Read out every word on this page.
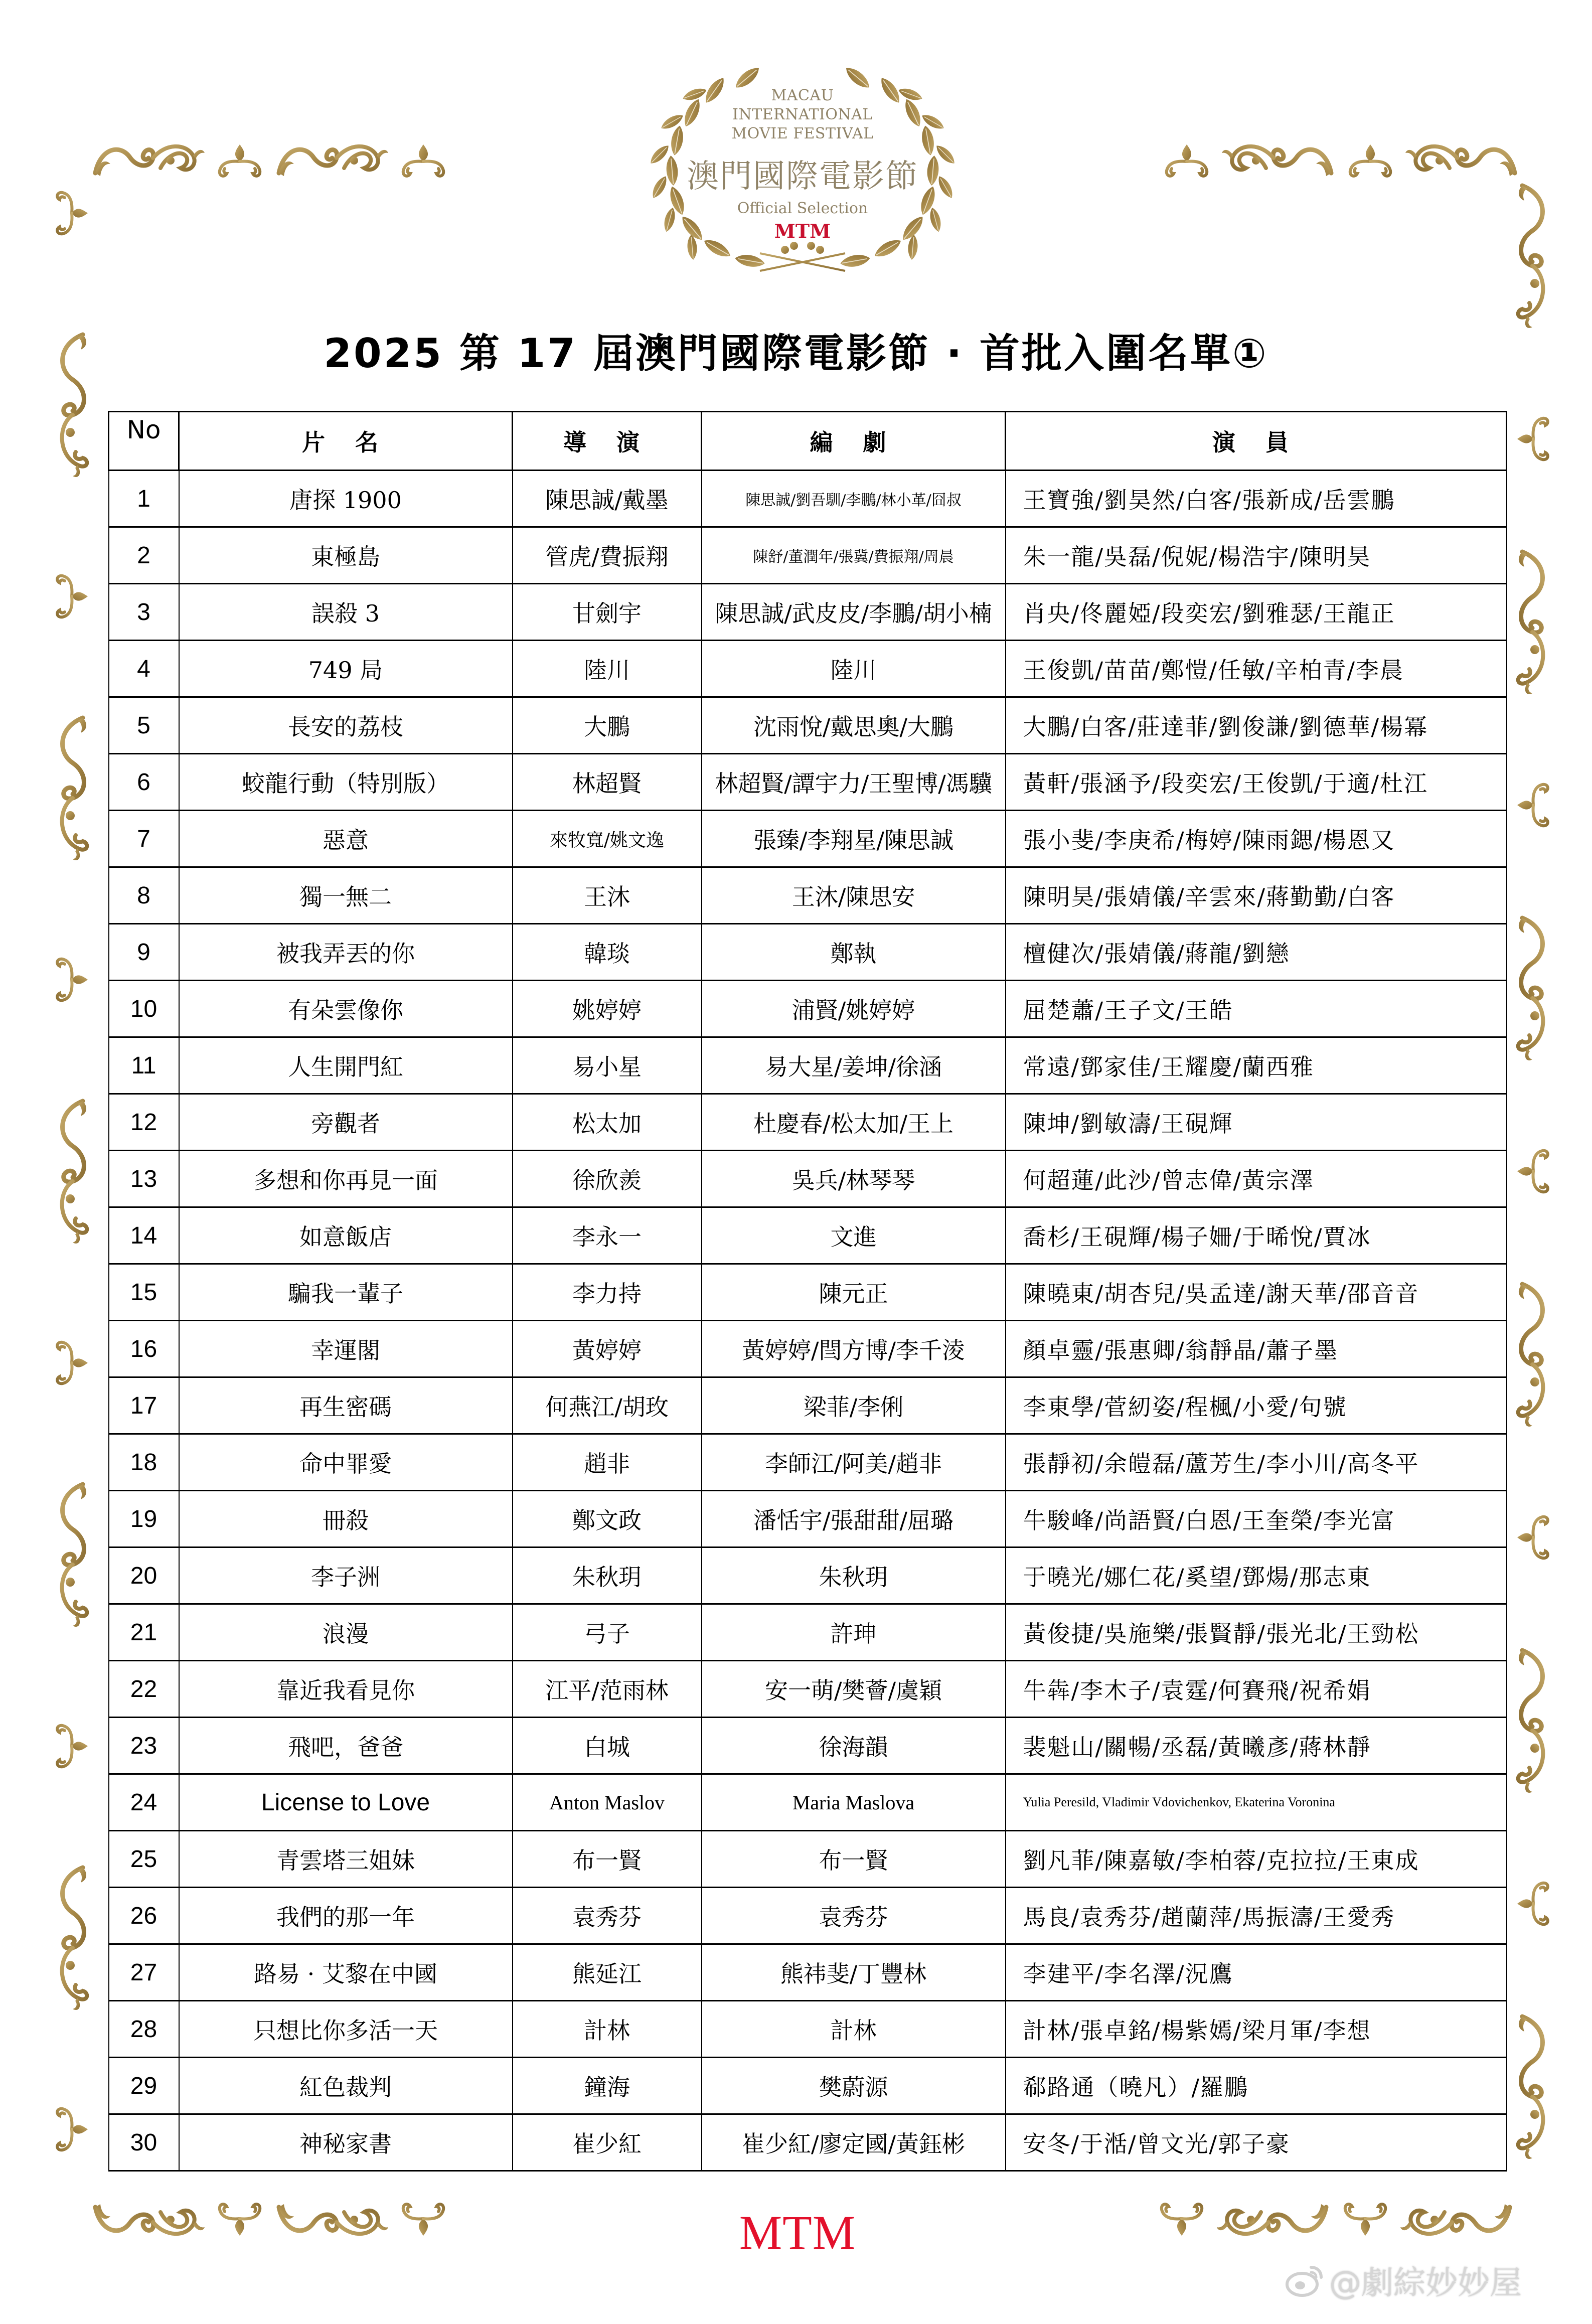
MACAU
INTERNATIONAL
MOVIE FESTIVAL
澳門國際電影節
Official Selection
MTM
2025 第 17 屆澳門國際電影節 · 首批入圍名單①
No	片 名	導 演	編 劇	演 員
1	唐探 1900	陳思誠/戴墨	陳思誠/劉吾馴/李鵬/林小革/囧叔	王寶強/劉昊然/白客/張新成/岳雲鵬
2	東極島	管虎/費振翔	陳舒/董潤年/張冀/費振翔/周晨	朱一龍/吳磊/倪妮/楊浩宇/陳明昊
3	誤殺 3	甘劍宇	陳思誠/武皮皮/李鵬/胡小楠	肖央/佟麗婭/段奕宏/劉雅瑟/王龍正
4	749 局	陸川	陸川	王俊凱/苗苗/鄭愷/任敏/辛柏青/李晨
5	長安的荔枝	大鵬	沈雨悅/戴思奧/大鵬	大鵬/白客/莊達菲/劉俊謙/劉德華/楊冪
6	蛟龍行動（特別版）	林超賢	林超賢/譚宇力/王聖博/馮驥	黃軒/張涵予/段奕宏/王俊凱/于適/杜江
7	惡意	來牧寬/姚文逸	張臻/李翔星/陳思誠	張小斐/李庚希/梅婷/陳雨鍶/楊恩又
8	獨一無二	王沐	王沐/陳思安	陳明昊/張婧儀/辛雲來/蔣勤勤/白客
9	被我弄丟的你	韓琰	鄭執	檀健次/張婧儀/蔣龍/劉戀
10	有朵雲像你	姚婷婷	浦賢/姚婷婷	屈楚蕭/王子文/王皓
11	人生開門紅	易小星	易大星/姜坤/徐涵	常遠/鄧家佳/王耀慶/蘭西雅
12	旁觀者	松太加	杜慶春/松太加/王上	陳坤/劉敏濤/王硯輝
13	多想和你再見一面	徐欣羨	吳兵/林琴琴	何超蓮/此沙/曾志偉/黃宗澤
14	如意飯店	李永一	文進	喬杉/王硯輝/楊子姍/于晞悅/賈冰
15	騙我一輩子	李力持	陳元正	陳曉東/胡杏兒/吳孟達/謝天華/邵音音
16	幸運閣	黃婷婷	黃婷婷/閆方博/李千淩	顏卓靈/張惠卿/翁靜晶/蕭子墨
17	再生密碼	何燕江/胡玫	梁菲/李俐	李東學/菅紉姿/程楓/小愛/句號
18	命中罪愛	趙非	李師江/阿美/趙非	張靜初/余皚磊/蘆芳生/李小川/高冬平
19	冊殺	鄭文政	潘恬宇/張甜甜/屈璐	牛駿峰/尚語賢/白恩/王奎榮/李光富
20	李子洲	朱秋玥	朱秋玥	于曉光/娜仁花/奚望/鄧煬/那志東
21	浪漫	弓子	許珅	黃俊捷/吳施樂/張賢靜/張光北/王勁松
22	靠近我看見你	江平/范雨林	安一萌/樊薈/虞穎	牛犇/李木子/袁霆/何賽飛/祝希娟
23	飛吧，爸爸	白城	徐海韻	裴魁山/關暢/丞磊/黃曦彥/蔣林靜
24	License to Love	Anton Maslov	Maria Maslova	Yulia Peresild, Vladimir Vdovichenkov, Ekaterina Voronina
25	青雲塔三姐妹	布一賢	布一賢	劉凡菲/陳嘉敏/李柏蓉/克拉拉/王東成
26	我們的那一年	袁秀芬	袁秀芬	馬良/袁秀芬/趙蘭萍/馬振濤/王愛秀
27	路易 · 艾黎在中國	熊延江	熊祎斐/丁豐林	李建平/李名澤/況鷹
28	只想比你多活一天	計林	計林	計林/張卓銘/楊紫嫣/梁月軍/李想
29	紅色裁判	鐘海	樊蔚源	郗路通（曉凡）/羅鵬
30	神秘家書	崔少紅	崔少紅/廖定國/黃鈺彬	安冬/于湉/曾文光/郭子豪
MTM
@劇綜妙妙屋
